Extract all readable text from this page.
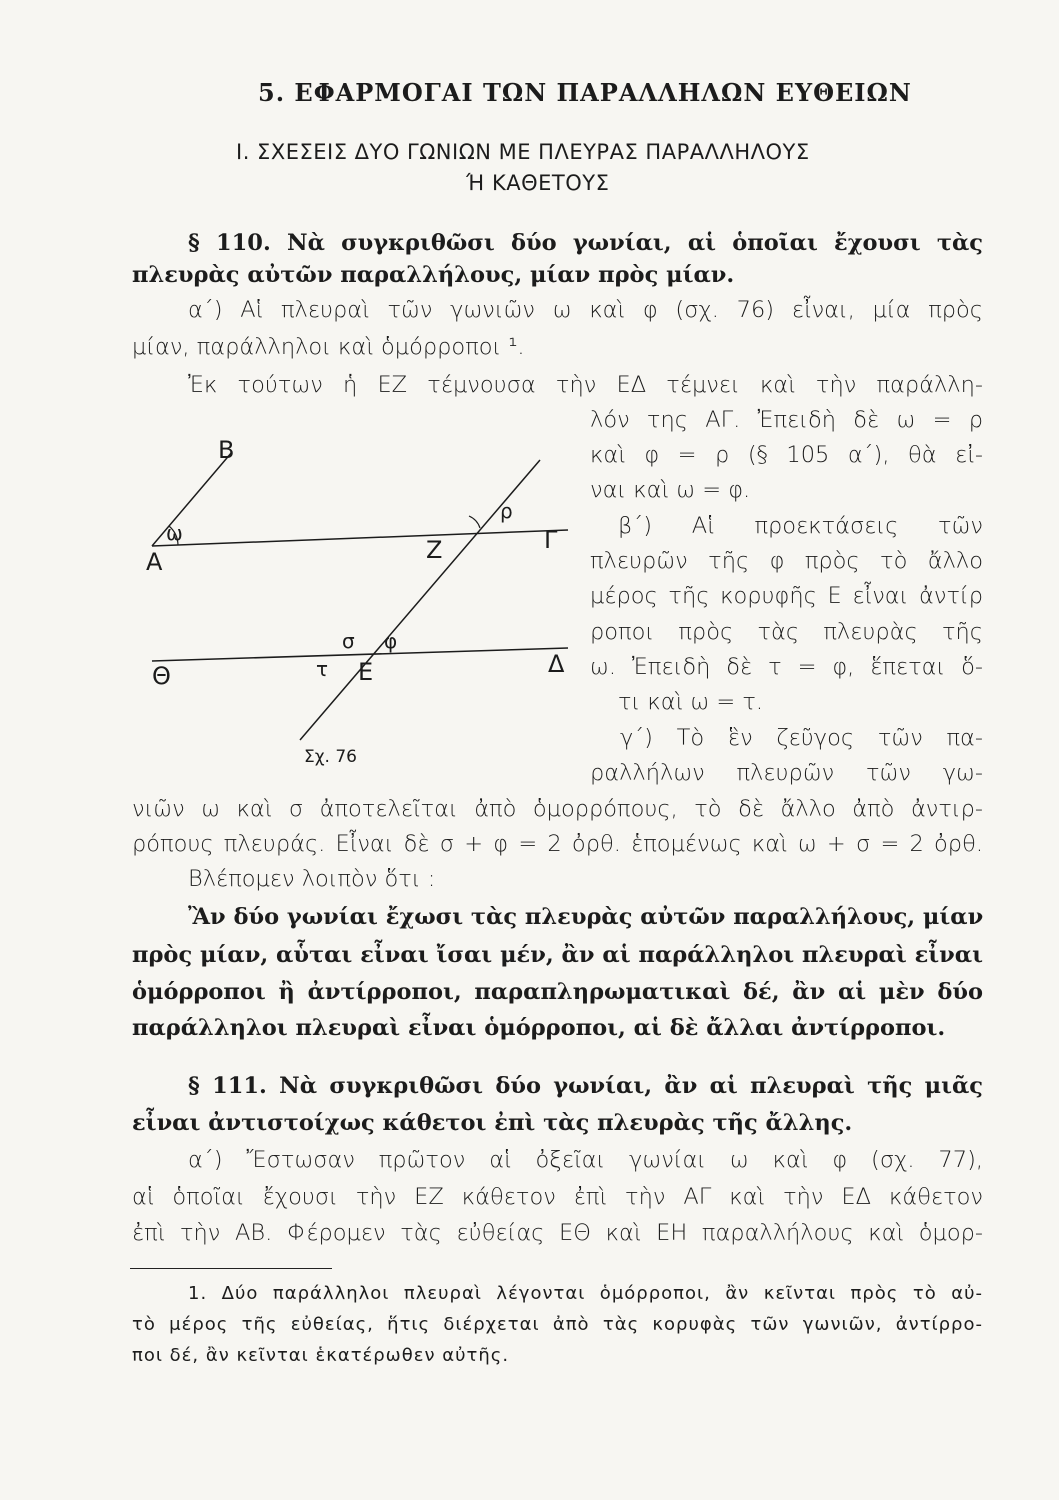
5. ΕΦΑΡΜΟΓΑΙ ΤΩΝ ΠΑΡΑΛΛΗΛΩΝ ΕΥΘΕΙΩΝ
Ι. ΣΧΕΣΕΙΣ ΔΥΟ ΓΩΝΙΩΝ ΜΕ ΠΛΕΥΡΑΣ ΠΑΡΑΛΛΗΛΟΥΣ
Ή ΚΑΘΕΤΟΥΣ
§ 110. Νὰ συγκριθῶσι δύο γωνίαι, αἱ ὁποῖαι ἔχουσι τὰς
πλευρὰς αὐτῶν παραλλήλους, μίαν πρὸς μίαν.
α΄) Αἱ πλευραὶ τῶν γωνιῶν ω καὶ φ (σχ. 76) εἶναι, μία πρὸς
μίαν, παράλληλοι καὶ ὁμόρροποι ¹.
Ἐκ τούτων ἡ ΕΖ τέμνουσα τὴν ΕΔ τέμνει καὶ τὴν παράλλη-
λόν της ΑΓ. Ἐπειδὴ δὲ ω = ρ
καὶ φ = ρ (§ 105 α΄), θὰ εἰ-
ναι καὶ ω = φ.
β΄) Αἱ προεκτάσεις τῶν
πλευρῶν τῆς φ πρὸς τὸ ἄλλο
μέρος τῆς κορυφῆς Ε εἶναι ἀντίρ
ροποι πρὸς τὰς πλευρὰς τῆς
ω. Ἐπειδὴ δὲ τ = φ, ἕπεται ὅ-
τι καὶ ω = τ.
γ΄) Τὸ ἓν ζεῦγος τῶν πα-
ραλλήλων πλευρῶν τῶν γω-
νιῶν ω καὶ σ ἀποτελεῖται ἀπὸ ὁμορρόπους, τὸ δὲ ἄλλο ἀπὸ ἀντιρ-
ρόπους πλευράς. Εἶναι δὲ σ + φ = 2 ὀρθ. ἑπομένως καὶ ω + σ = 2 ὀρθ.
Βλέπομεν λοιπὸν ὅτι :
Ἂν δύο γωνίαι ἔχωσι τὰς πλευρὰς αὐτῶν παραλλήλους, μίαν
πρὸς μίαν, αὗται εἶναι ἴσαι μέν, ἂν αἱ παράλληλοι πλευραὶ εἶναι
ὁμόρροποι ἢ ἀντίρροποι, παραπληρωματικαὶ δέ, ἂν αἱ μὲν δύο
παράλληλοι πλευραὶ εἶναι ὁμόρροποι, αἱ δὲ ἄλλαι ἀντίρροποι.
§ 111. Νὰ συγκριθῶσι δύο γωνίαι, ἂν αἱ πλευραὶ τῆς μιᾶς
εἶναι ἀντιστοίχως κάθετοι ἐπὶ τὰς πλευρὰς τῆς ἄλλης.
α΄) Ἔστωσαν πρῶτον αἱ ὀξεῖαι γωνίαι ω καὶ φ (σχ. 77),
αἱ ὁποῖαι ἔχουσι τὴν ΕΖ κάθετον ἐπὶ τὴν ΑΓ καὶ τὴν ΕΔ κάθετον
ἐπὶ τὴν ΑΒ. Φέρομεν τὰς εὐθείας ΕΘ καὶ ΕΗ παραλλήλους καὶ ὁμορ-
1. Δύο παράλληλοι πλευραὶ λέγονται ὁμόρροποι, ἂν κεῖνται πρὸς τὸ αὐ-
τὸ μέρος τῆς εὐθείας, ἥτις διέρχεται ἀπὸ τὰς κορυφὰς τῶν γωνιῶν, ἀντίρρο-
ποι δέ, ἂν κεῖνται ἑκατέρωθεν αὐτῆς.
Β
Α
ω
ρ
Γ
Ζ
σ φ
Θ	τ Ε	Δ
Σχ. 76
